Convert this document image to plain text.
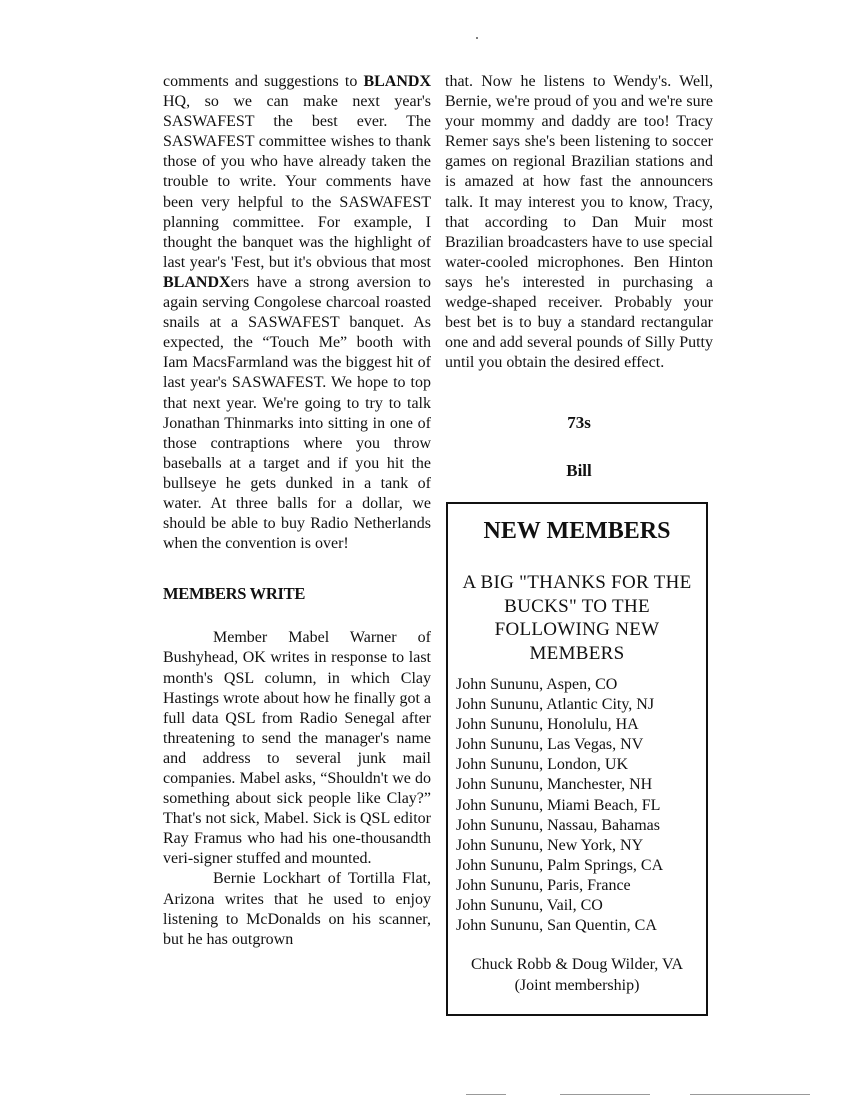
comments and suggestions to BLANDX HQ, so we can make next year's SASWAFEST the best ever. The SASWAFEST committee wishes to thank those of you who have already taken the trouble to write. Your comments have been very helpful to the SASWAFEST planning committee. For example, I thought the banquet was the highlight of last year's 'Fest, but it's obvious that most BLANDXers have a strong aversion to again serving Congolese charcoal roasted snails at a SASWAFEST banquet. As expected, the “Touch Me” booth with Iam MacsFarmland was the biggest hit of last year's SASWAFEST. We hope to top that next year. We're going to try to talk Jonathan Thinmarks into sitting in one of those contraptions where you throw baseballs at a target and if you hit the bullseye he gets dunked in a tank of water. At three balls for a dollar, we should be able to buy Radio Netherlands when the convention is over!

MEMBERS WRITE

Member Mabel Warner of Bushyhead, OK writes in response to last month's QSL column, in which Clay Hastings wrote about how he finally got a full data QSL from Radio Senegal after threatening to send the manager's name and address to several junk mail companies. Mabel asks, “Shouldn't we do something about sick people like Clay?” That's not sick, Mabel. Sick is QSL editor Ray Framus who had his one-thousandth veri-signer stuffed and mounted.

Bernie Lockhart of Tortilla Flat, Arizona writes that he used to enjoy listening to McDonalds on his scanner, but he has outgrown

that. Now he listens to Wendy's. Well, Bernie, we're proud of you and we're sure your mommy and daddy are too! Tracy Remer says she's been listening to soccer games on regional Brazilian stations and is amazed at how fast the announcers talk. It may interest you to know, Tracy, that according to Dan Muir most Brazilian broadcasters have to use special water-cooled microphones. Ben Hinton says he's interested in purchasing a wedge-shaped receiver. Probably your best bet is to buy a standard rectangular one and add several pounds of Silly Putty until you obtain the desired effect.

73s
Bill
NEW MEMBERS
A BIG "THANKS FOR THE BUCKS" TO THE FOLLOWING NEW MEMBERS
John Sununu, Aspen, CO
John Sununu, Atlantic City, NJ
John Sununu, Honolulu, HA
John Sununu, Las Vegas, NV
John Sununu, London, UK
John Sununu, Manchester, NH
John Sununu, Miami Beach, FL
John Sununu, Nassau, Bahamas
John Sununu, New York, NY
John Sununu, Palm Springs, CA
John Sununu, Paris, France
John Sununu, Vail, CO
John Sununu, San Quentin, CA
Chuck Robb & Doug Wilder, VA
(Joint membership)
